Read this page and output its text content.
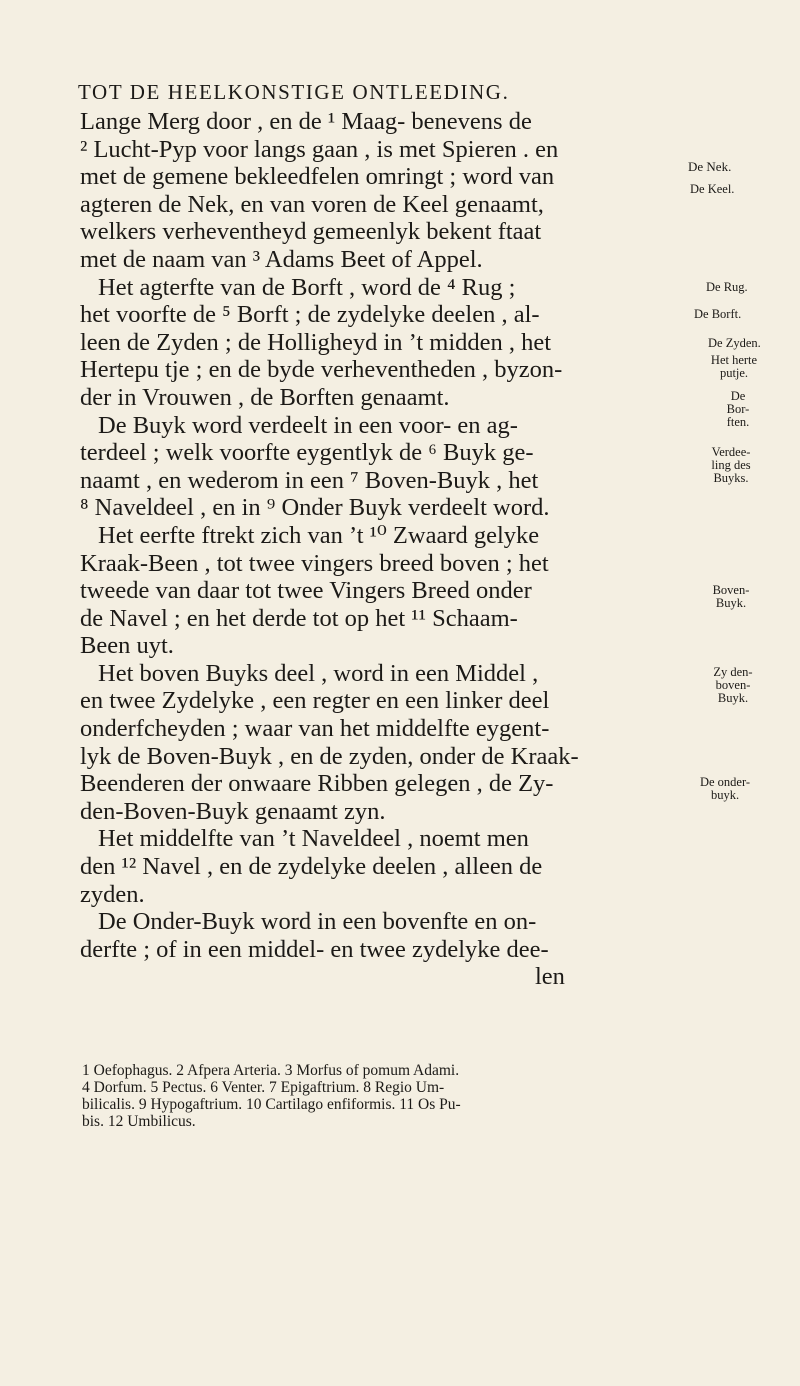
TOT DE HEELKONSTIGE ONTLEEDING.
Lange Merg door , en de ¹ Maag- benevens de
² Lucht-Pyp voor langs gaan , is met Spieren . en
met de gemene bekleedfelen omringt ; word van
agteren de Nek, en van voren de Keel genaamt,
welkers verheventheyd gemeenlyk bekent ftaat
met de naam van ³ Adams Beet of Appel.
Het agterfte van de Borft , word de ⁴ Rug ;
het voorfte de ⁵ Borft ; de zydelyke deelen , al-
leen de Zyden ; de Holligheyd in ’t midden , het
Hertepu tje ; en de byde verheventheden , byzon-
der in Vrouwen , de Borften genaamt.
De Buyk word verdeelt in een voor- en ag-
terdeel ; welk voorfte eygentlyk de ⁶ Buyk ge-
naamt , en wederom in een ⁷ Boven-Buyk , het
⁸ Naveldeel , en in ⁹ Onder Buyk verdeelt word.
Het eerfte ftrekt zich van ’t ¹⁰ Zwaard gelyke
Kraak-Been , tot twee vingers breed boven ; het
tweede van daar tot twee Vingers Breed onder
de Navel ; en het derde tot op het ¹¹ Schaam-
Been uyt.
Het boven Buyks deel , word in een Middel ,
en twee Zydelyke , een regter en een linker deel
onderfcheyden ; waar van het middelfte eygent-
lyk de Boven-Buyk , en de zyden, onder de Kraak-
Beenderen der onwaare Ribben gelegen , de Zy-
den-Boven-Buyk genaamt zyn.
Het middelfte van ’t Naveldeel , noemt men
den ¹² Navel , en de zydelyke deelen , alleen de
zyden.
De Onder-Buyk word in een bovenfte en on-
derfte ; of in een middel- en twee zydelyke dee-
len
De Nek.
De Keel.
De Rug.
De Borft.
De Zyden.
Het herte putje.
De Bor- ften.
Verdee- ling des Buyks.
Boven- Buyk.
Zy den- boven- Buyk.
De onder- buyk.
1 Oefophagus. 2 Afpera Arteria. 3 Morfus of pomum Adami.
4 Dorfum. 5 Pectus. 6 Venter. 7 Epigaftrium. 8 Regio Um-
bilicalis. 9 Hypogaftrium. 10 Cartilago enfiformis. 11 Os Pu-
bis. 12 Umbilicus.
